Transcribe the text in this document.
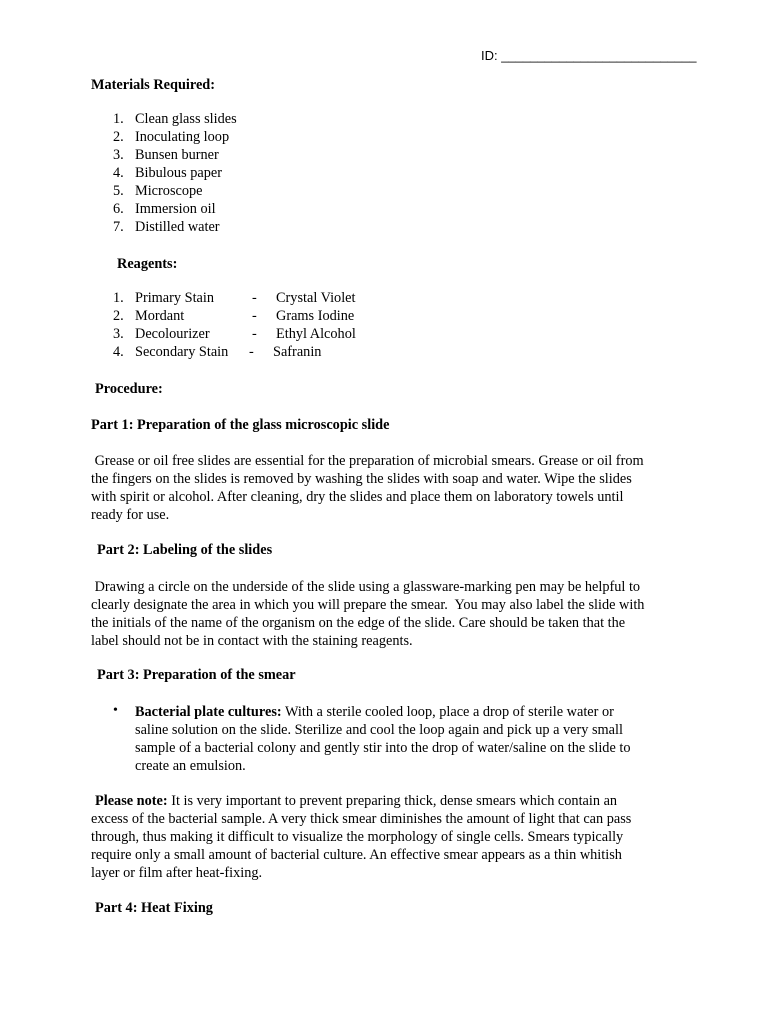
ID: ___________________________
Materials Required:
1. Clean glass slides
2. Inoculating loop
3. Bunsen burner
4. Bibulous paper
5. Microscope
6. Immersion oil
7. Distilled water
Reagents:
1. Primary Stain	- Crystal Violet
2. Mordant	- Grams Iodine
3. Decolourizer	- Ethyl Alcohol
4. Secondary Stain - Safranin
Procedure:
Part 1: Preparation of the glass microscopic slide
Grease or oil free slides are essential for the preparation of microbial smears. Grease or oil from
the fingers on the slides is removed by washing the slides with soap and water. Wipe the slides
with spirit or alcohol. After cleaning, dry the slides and place them on laboratory towels until
ready for use.
Part 2: Labeling of the slides
Drawing a circle on the underside of the slide using a glassware-marking pen may be helpful to
clearly designate the area in which you will prepare the smear.  You may also label the slide with
the initials of the name of the organism on the edge of the slide. Care should be taken that the
label should not be in contact with the staining reagents.
Part 3: Preparation of the smear
• Bacterial plate cultures: With a sterile cooled loop, place a drop of sterile water or
saline solution on the slide. Sterilize and cool the loop again and pick up a very small
sample of a bacterial colony and gently stir into the drop of water/saline on the slide to
create an emulsion.
Please note: It is very important to prevent preparing thick, dense smears which contain an
excess of the bacterial sample. A very thick smear diminishes the amount of light that can pass
through, thus making it difficult to visualize the morphology of single cells. Smears typically
require only a small amount of bacterial culture. An effective smear appears as a thin whitish
layer or film after heat-fixing.
Part 4: Heat Fixing
